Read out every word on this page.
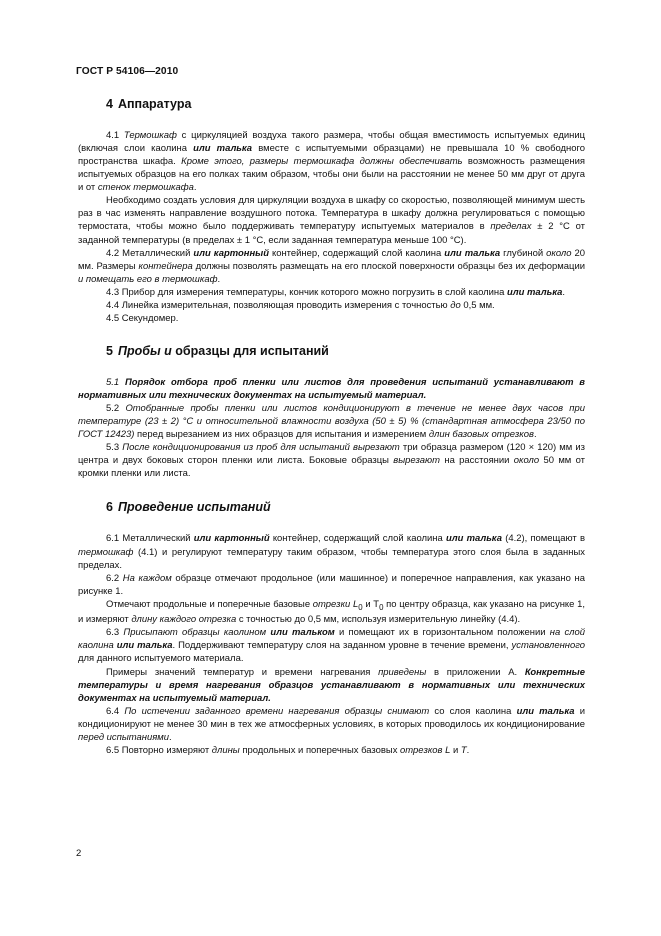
ГОСТ Р 54106—2010
4 Аппаратура

4.1 Термошкаф с циркуляцией воздуха такого размера, чтобы общая вместимость испытуемых единиц (включая слои каолина или талька вместе с испытуемыми образцами) не превышала 10 % свободного пространства шкафа. Кроме этого, размеры термошкафа должны обеспечивать возможность размещения испытуемых образцов на его полках таким образом, чтобы они были на расстоянии не менее 50 мм друг от друга и от стенок термошкафа.

Необходимо создать условия для циркуляции воздуха в шкафу со скоростью, позволяющей минимум шесть раз в час изменять направление воздушного потока. Температура в шкафу должна регулироваться с помощью термостата, чтобы можно было поддерживать температуру испытуемых материалов в пределах ± 2 °С от заданной температуры (в пределах ± 1 °С, если заданная температура меньше 100 °С).

4.2 Металлический или картонный контейнер, содержащий слой каолина или талька глубиной около 20 мм. Размеры контейнера должны позволять размещать на его плоской поверхности образцы без их деформации и помещать его в термошкаф.

4.3 Прибор для измерения температуры, кончик которого можно погрузить в слой каолина или талька.

4.4 Линейка измерительная, позволяющая проводить измерения с точностью до 0,5 мм.

4.5 Секундомер.

5 Пробы и образцы для испытаний

5.1 Порядок отбора проб пленки или листов для проведения испытаний устанавливают в нормативных или технических документах на испытуемый материал.

5.2 Отобранные пробы пленки или листов кондиционируют в течение не менее двух часов при температуре (23 ± 2) °С и относительной влажности воздуха (50 ± 5) % (стандартная атмосфера 23/50 по ГОСТ 12423) перед вырезанием из них образцов для испытания и измерением длин базовых отрезков.

5.3 После кондиционирования из проб для испытаний вырезают три образца размером (120 × 120) мм из центра и двух боковых сторон пленки или листа. Боковые образцы вырезают на расстоянии около 50 мм от кромки пленки или листа.

6 Проведение испытаний

6.1 Металлический или картонный контейнер, содержащий слой каолина или талька (4.2), помещают в термошкаф (4.1) и регулируют температуру таким образом, чтобы температура этого слоя была в заданных пределах.

6.2 На каждом образце отмечают продольное (или машинное) и поперечное направления, как указано на рисунке 1.

Отмечают продольные и поперечные базовые отрезки $L_0$ и $T_0$ по центру образца, как указано на рисунке 1, и измеряют длину каждого отрезка с точностью до 0,5 мм, используя измерительную линейку (4.4).

6.3 Присыпают образцы каолином или тальком и помещают их в горизонтальном положении на слой каолина или талька. Поддерживают температуру слоя на заданном уровне в течение времени, установленного для данного испытуемого материала.

Примеры значений температур и времени нагревания приведены в приложении А. Конкретные температуры и время нагревания образцов устанавливают в нормативных или технических документах на испытуемый материал.

6.4 По истечении заданного времени нагревания образцы снимают со слоя каолина или талька и кондиционируют не менее 30 мин в тех же атмосферных условиях, в которых проводилось их кондиционирование перед испытаниями.

6.5 Повторно измеряют длины продольных и поперечных базовых отрезков L и T.

2
